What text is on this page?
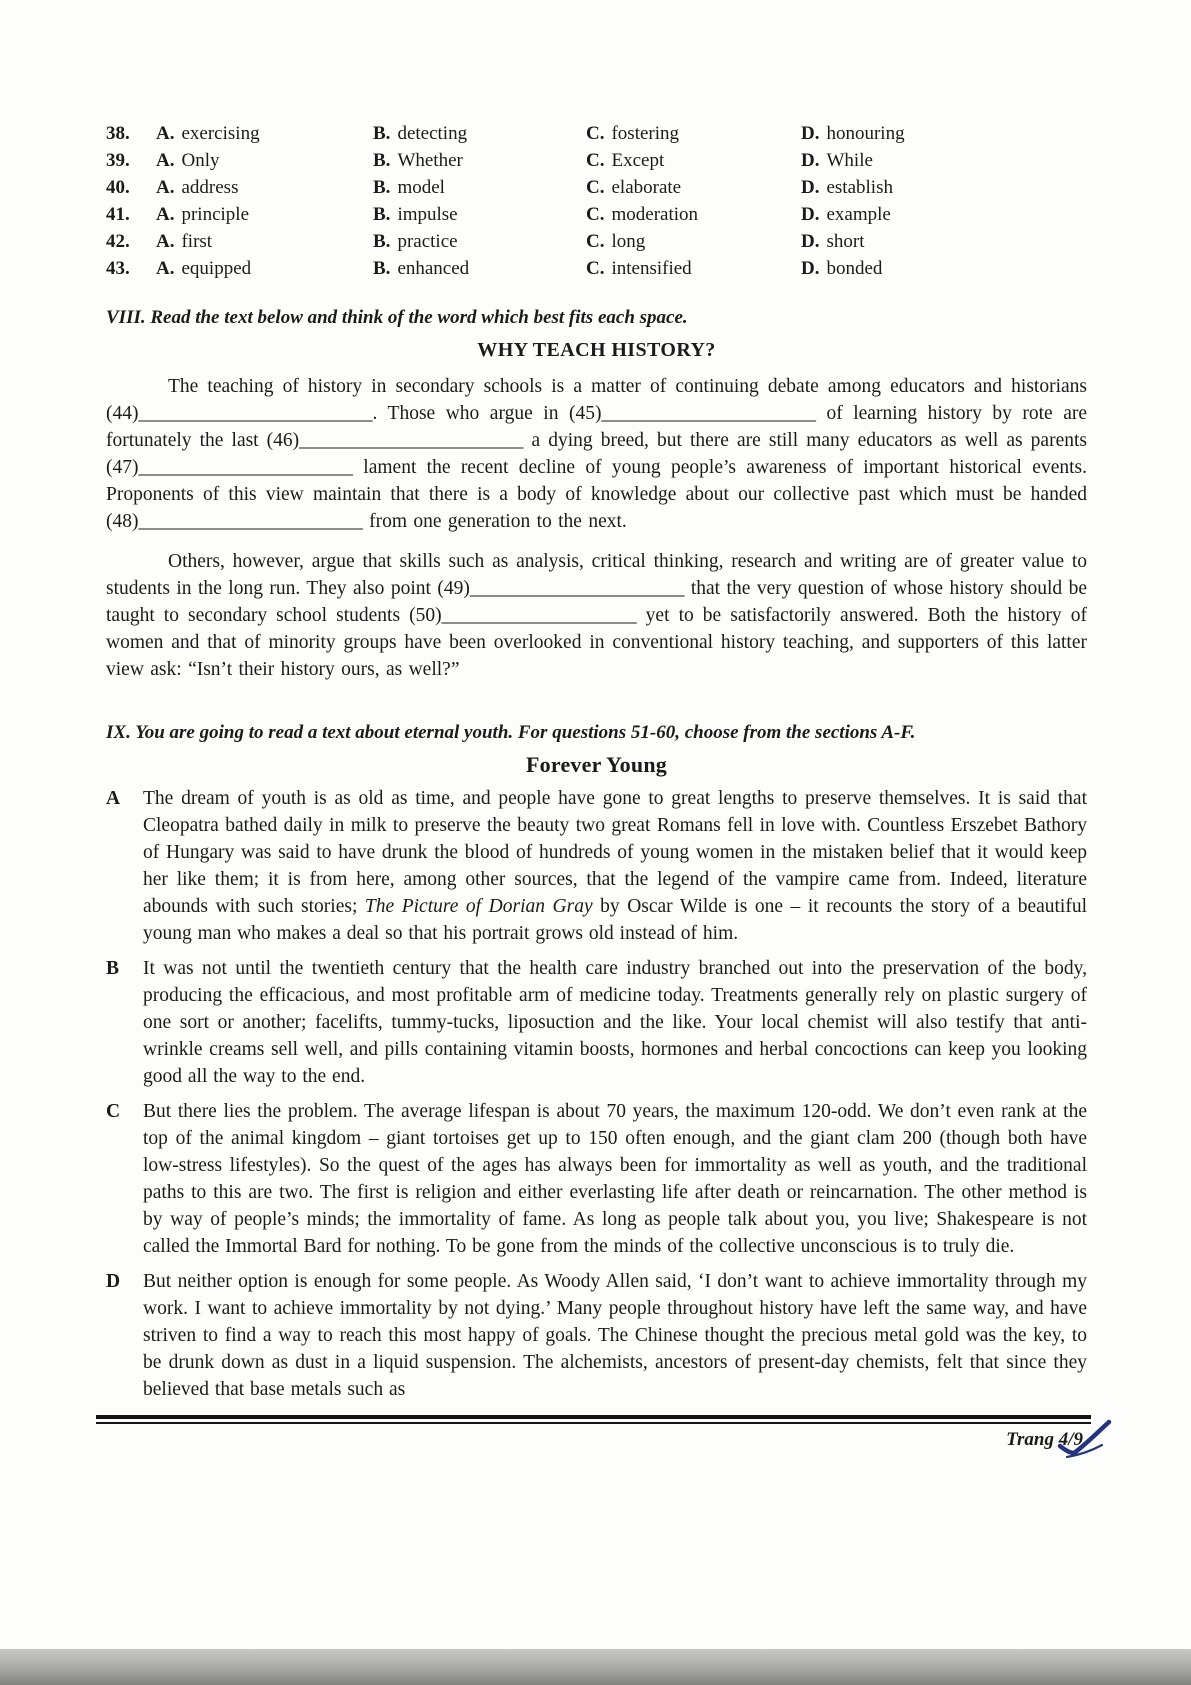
38.	A. exercising	B. detecting	C. fostering	D. honouring
39.	A. Only	B. Whether	C. Except	D. While
40.	A. address	B. model	C. elaborate	D. establish
41.	A. principle	B. impulse	C. moderation	D. example
42.	A. first	B. practice	C. long	D. short
43.	A. equipped	B. enhanced	C. intensified	D. bonded
VIII. Read the text below and think of the word which best fits each space.
WHY TEACH HISTORY?

The teaching of history in secondary schools is a matter of continuing debate among educators and historians (44)________________________. Those who argue in (45)______________________ of learning history by rote are fortunately the last (46)_______________________ a dying breed, but there are still many educators as well as parents (47)______________________ lament the recent decline of young people’s awareness of important historical events. Proponents of this view maintain that there is a body of knowledge about our collective past which must be handed (48)_______________________ from one generation to the next.

Others, however, argue that skills such as analysis, critical thinking, research and writing are of greater value to students in the long run. They also point (49)______________________ that the very question of whose history should be taught to secondary school students (50)____________________ yet to be satisfactorily answered. Both the history of women and that of minority groups have been overlooked in conventional history teaching, and supporters of this latter view ask: “Isn’t their history ours, as well?”

IX. You are going to read a text about eternal youth. For questions 51-60, choose from the sections A-F.
Forever Young
A	The dream of youth is as old as time, and people have gone to great lengths to preserve themselves. It is said that Cleopatra bathed daily in milk to preserve the beauty two great Romans fell in love with. Countless Erszebet Bathory of Hungary was said to have drunk the blood of hundreds of young women in the mistaken belief that it would keep her like them; it is from here, among other sources, that the legend of the vampire came from. Indeed, literature abounds with such stories; The Picture of Dorian Gray by Oscar Wilde is one – it recounts the story of a beautiful young man who makes a deal so that his portrait grows old instead of him.

B	It was not until the twentieth century that the health care industry branched out into the preservation of the body, producing the efficacious, and most profitable arm of medicine today. Treatments generally rely on plastic surgery of one sort or another; facelifts, tummy-tucks, liposuction and the like. Your local chemist will also testify that anti-wrinkle creams sell well, and pills containing vitamin boosts, hormones and herbal concoctions can keep you looking good all the way to the end.

C	But there lies the problem. The average lifespan is about 70 years, the maximum 120-odd. We don’t even rank at the top of the animal kingdom – giant tortoises get up to 150 often enough, and the giant clam 200 (though both have low-stress lifestyles). So the quest of the ages has always been for immortality as well as youth, and the traditional paths to this are two. The first is religion and either everlasting life after death or reincarnation. The other method is by way of people’s minds; the immortality of fame. As long as people talk about you, you live; Shakespeare is not called the Immortal Bard for nothing. To be gone from the minds of the collective unconscious is to truly die.

D	But neither option is enough for some people. As Woody Allen said, ‘I don’t want to achieve immortality through my work. I want to achieve immortality by not dying.’ Many people throughout history have left the same way, and have striven to find a way to reach this most happy of goals. The Chinese thought the precious metal gold was the key, to be drunk down as dust in a liquid suspension. The alchemists, ancestors of present-day chemists, felt that since they believed that base metals such as

Trang 4/9
